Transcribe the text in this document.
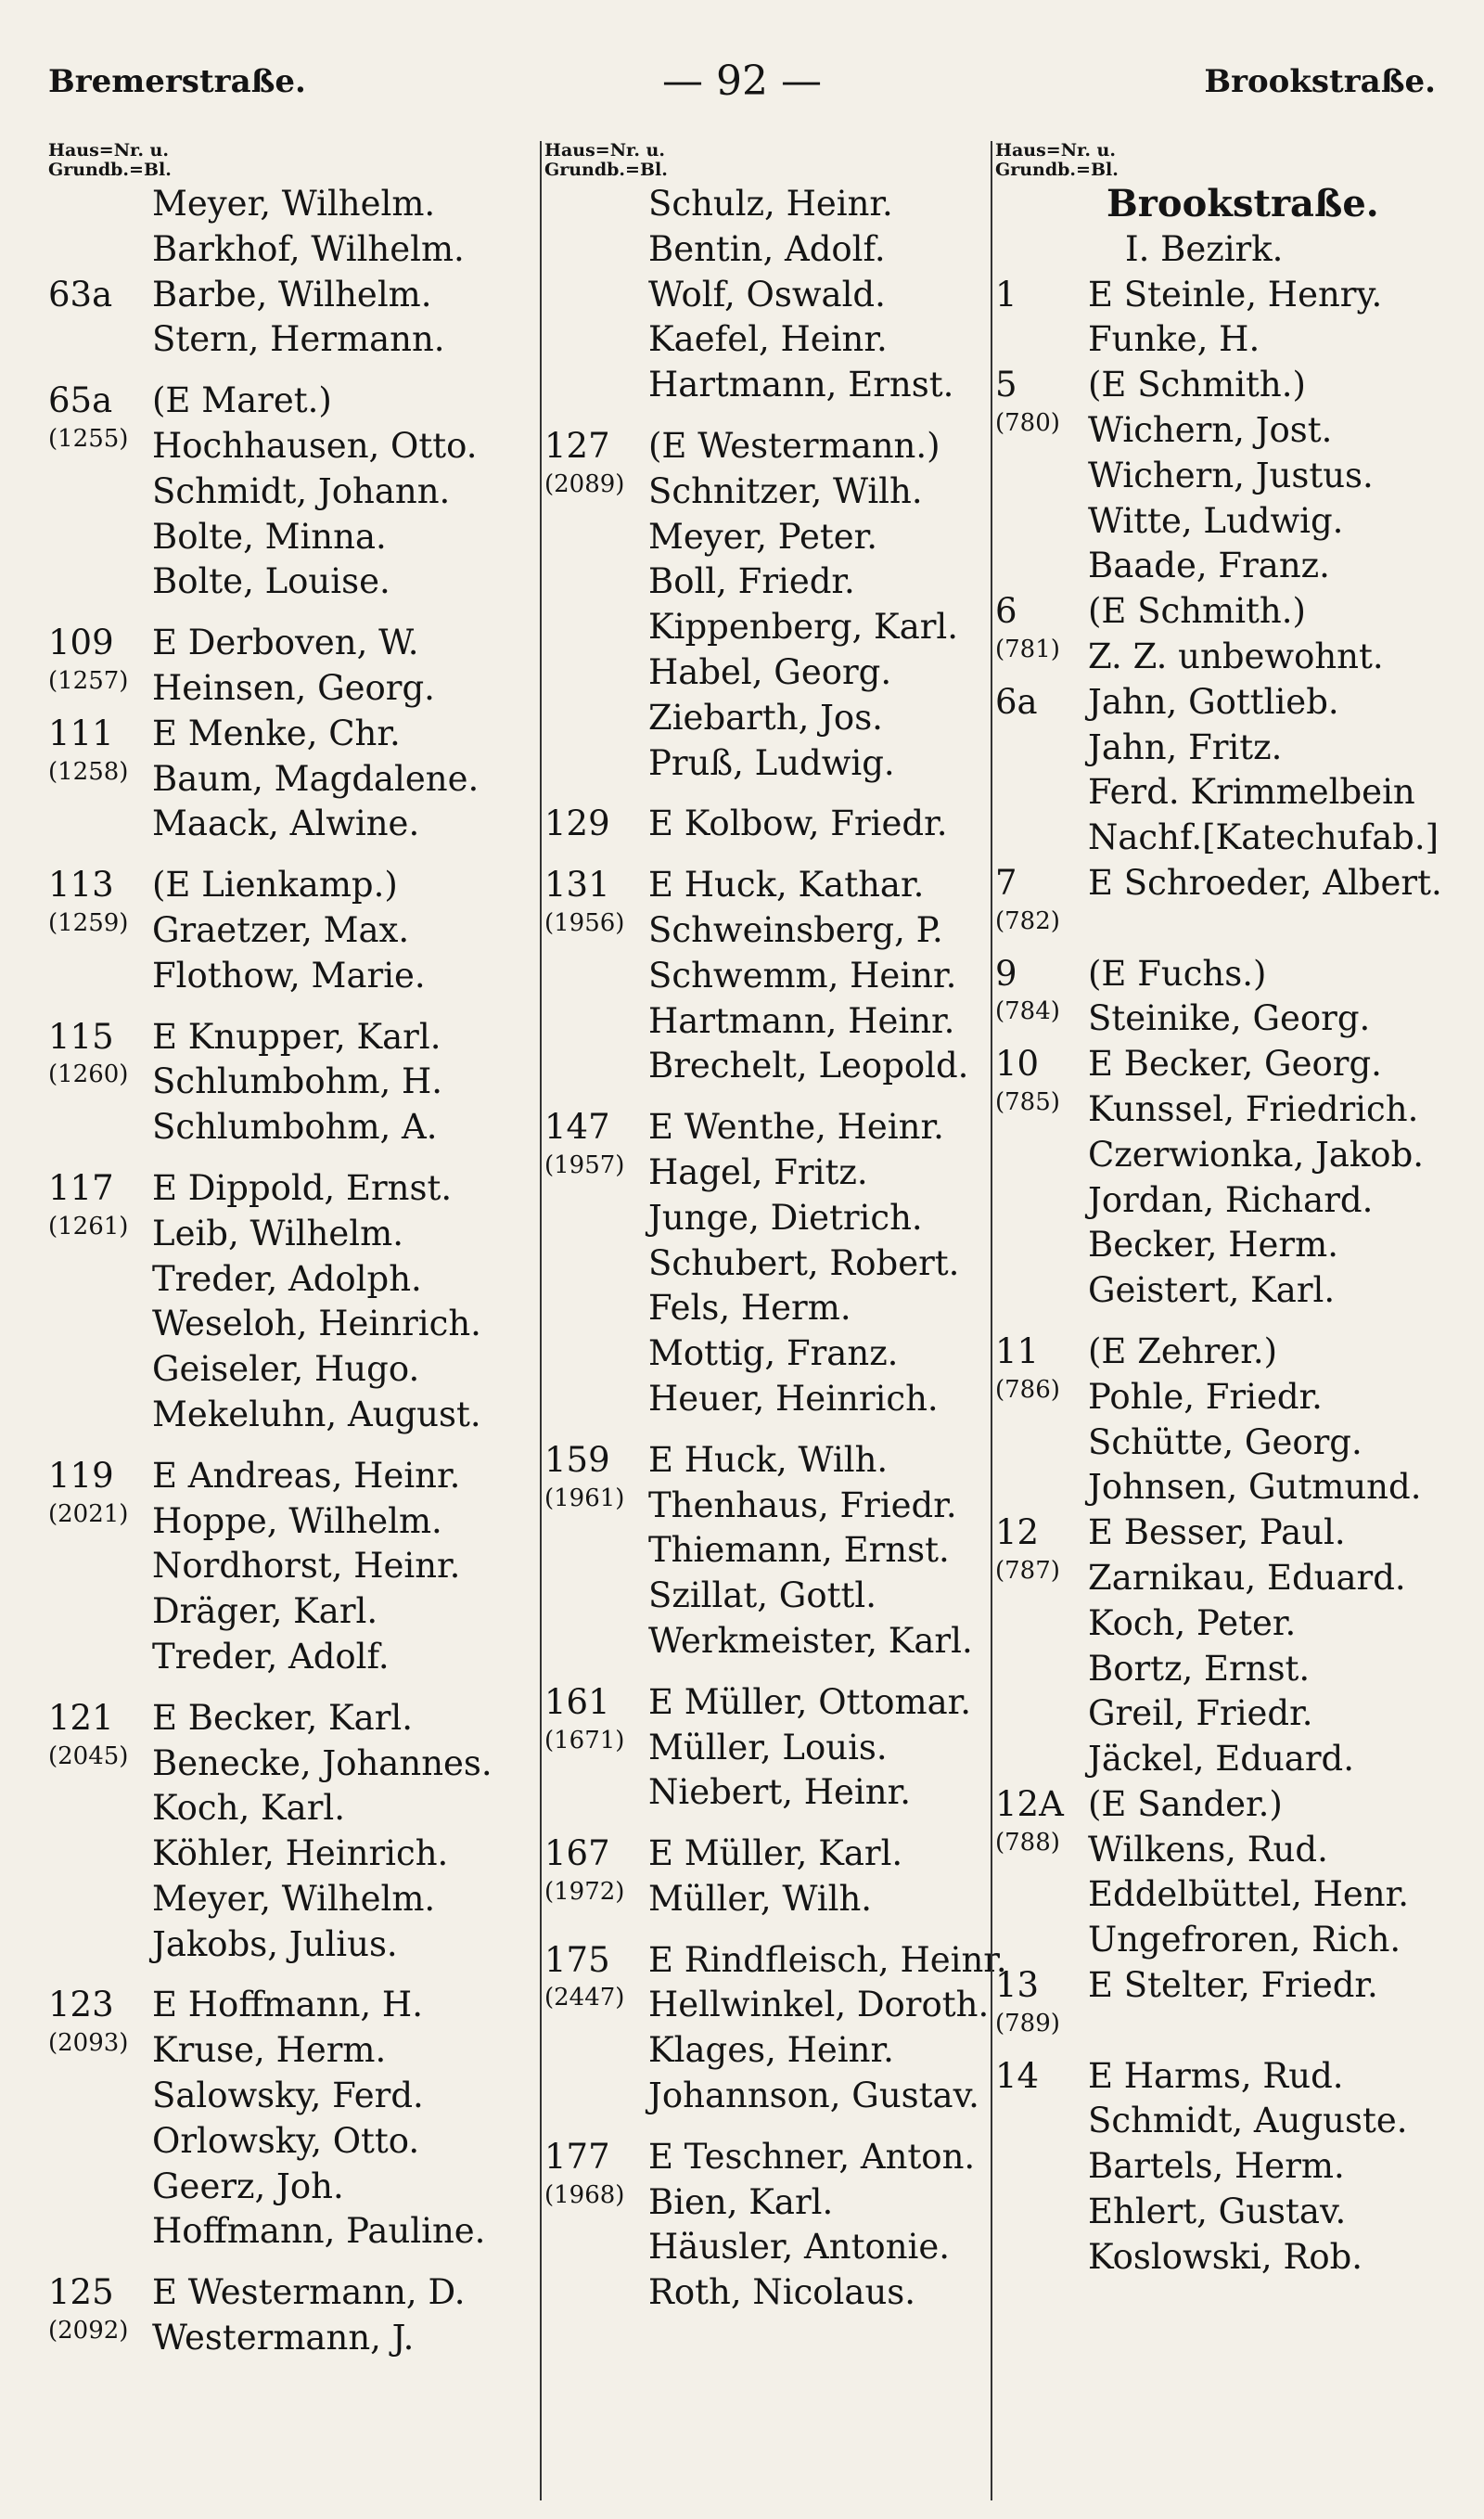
Bremerstraße.	— 92 —	Brookstraße.
Haus=Nr. u.
Grundb.=Bl.
Meyer, Wilhelm.
Barkhof, Wilhelm.
63a Barbe, Wilhelm.
Stern, Hermann.
65a (E Maret.)
(1255) Hochhausen, Otto.
Schmidt, Johann.
Bolte, Minna.
Bolte, Louise.
109 E Derboven, W.
(1257) Heinsen, Georg.
111 E Menke, Chr.
(1258) Baum, Magdalene.
Maack, Alwine.
113 (E Lienkamp.)
(1259) Graetzer, Max.
Flothow, Marie.
115 E Knupper, Karl.
(1260) Schlumbohm, H.
Schlumbohm, A.
117 E Dippold, Ernst.
(1261) Leib, Wilhelm.
Treder, Adolph.
Weseloh, Heinrich.
Geiseler, Hugo.
Mekeluhn, August.
119 E Andreas, Heinr.
(2021) Hoppe, Wilhelm.
Nordhorst, Heinr.
Dräger, Karl.
Treder, Adolf.
121 E Becker, Karl.
(2045) Benecke, Johannes.
Koch, Karl.
Köhler, Heinrich.
Meyer, Wilhelm.
Jakobs, Julius.
123 E Hoffmann, H.
(2093) Kruse, Herm.
Salowsky, Ferd.
Orlowsky, Otto.
Geerz, Joh.
Hoffmann, Pauline.
125 E Westermann, D.
(2092) Westermann, J.
Haus=Nr. u.
Grundb.=Bl.
Schulz, Heinr.
Bentin, Adolf.
Wolf, Oswald.
Kaefel, Heinr.
Hartmann, Ernst.
127 (E Westermann.)
(2089) Schnitzer, Wilh.
Meyer, Peter.
Boll, Friedr.
Kippenberg, Karl.
Habel, Georg.
Ziebarth, Jos.
Pruß, Ludwig.
129 E Kolbow, Friedr.
131 E Huck, Kathar.
(1956) Schweinsberg, P.
Schwemm, Heinr.
Hartmann, Heinr.
Brechelt, Leopold.
147 E Wenthe, Heinr.
(1957) Hagel, Fritz.
Junge, Dietrich.
Schubert, Robert.
Fels, Herm.
Mottig, Franz.
Heuer, Heinrich.
159 E Huck, Wilh.
(1961) Thenhaus, Friedr.
Thiemann, Ernst.
Szillat, Gottl.
Werkmeister, Karl.
161 E Müller, Ottomar.
(1671) Müller, Louis.
Niebert, Heinr.
167 E Müller, Karl.
(1972) Müller, Wilh.
175 E Rindfleisch, Heinr.
(2447) Hellwinkel, Doroth.
Klages, Heinr.
Johannson, Gustav.
177 E Teschner, Anton.
(1968) Bien, Karl.
Häusler, Antonie.
Roth, Nicolaus.
Haus=Nr. u.
Grundb.=Bl.
Brookstraße.
I. Bezirk.
1 E Steinle, Henry.
Funke, H.
5 (E Schmith.)
(780) Wichern, Jost.
Wichern, Justus.
Witte, Ludwig.
Baade, Franz.
6 (E Schmith.)
(781) Z. Z. unbewohnt.
6a Jahn, Gottlieb.
Jahn, Fritz.
Ferd. Krimmelbein
Nachf.[Katechufab.]
7 E Schroeder, Albert.
(782)
9 (E Fuchs.)
(784) Steinike, Georg.
10 E Becker, Georg.
(785) Kunssel, Friedrich.
Czerwionka, Jakob.
Jordan, Richard.
Becker, Herm.
Geistert, Karl.
11 (E Zehrer.)
(786) Pohle, Friedr.
Schütte, Georg.
Johnsen, Gutmund.
12 E Besser, Paul.
(787) Zarnikau, Eduard.
Koch, Peter.
Bortz, Ernst.
Greil, Friedr.
Jäckel, Eduard.
12A (E Sander.)
(788) Wilkens, Rud.
Eddelbüttel, Henr.
Ungefroren, Rich.
13 E Stelter, Friedr.
(789)
14 E Harms, Rud.
Schmidt, Auguste.
Bartels, Herm.
Ehlert, Gustav.
Koslowski, Rob.
